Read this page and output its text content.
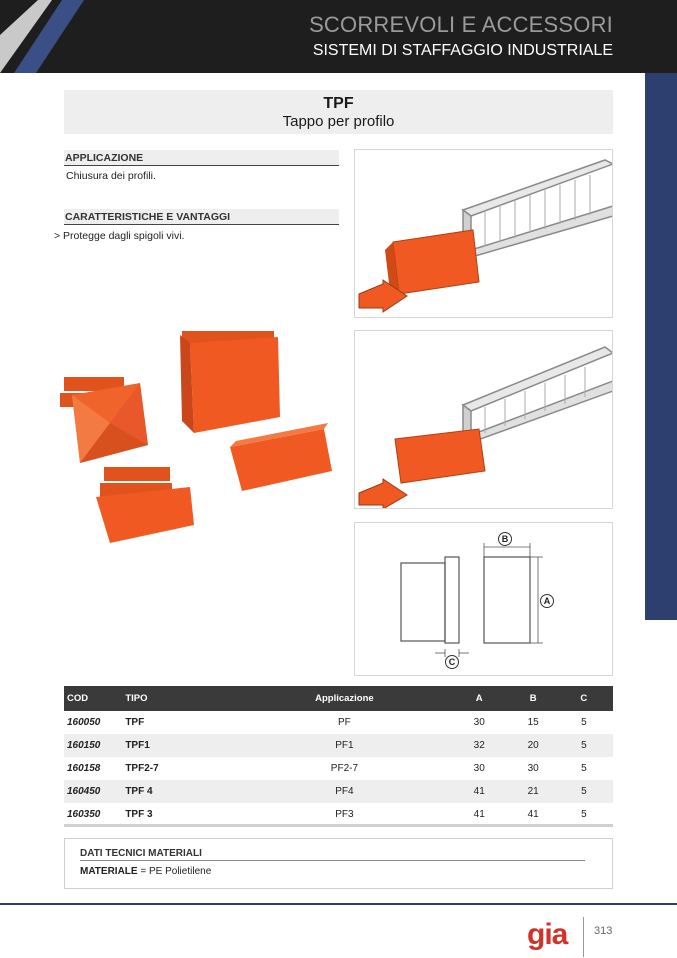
SCORREVOLI E ACCESSORI
SISTEMI DI STAFFAGGIO INDUSTRIALE
TPF
Tappo per profilo
APPLICAZIONE
Chiusura dei profili.
CARATTERISTICHE E VANTAGGI
> Protegge dagli spigoli vivi.
B
A
C
COD	TIPO	Applicazione	A	B	C
160050	TPF	PF	30	15	5
160150	TPF1	PF1	32	20	5
160158	TPF2-7	PF2-7	30	30	5
160450	TPF 4	PF4	41	21	5
160350	TPF 3	PF3	41	41	5
DATI TECNICI MATERIALI
MATERIALE = PE Polietilene
gia 313
